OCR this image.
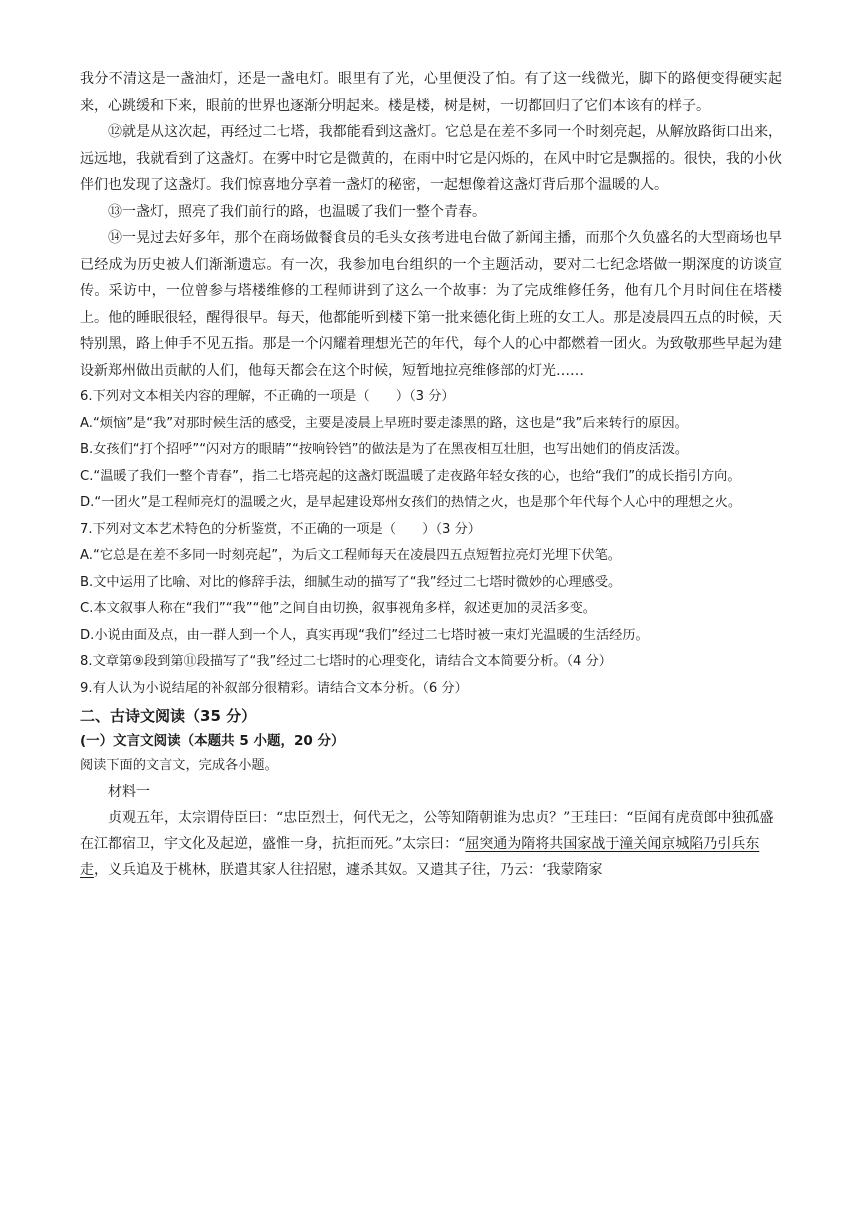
我分不清这是一盏油灯，还是一盏电灯。眼里有了光，心里便没了怕。有了这一线微光，脚下的路便变得硬实起来，心跳缓和下来，眼前的世界也逐渐分明起来。楼是楼，树是树，一切都回归了它们本该有的样子。

⑫就是从这次起，再经过二七塔，我都能看到这盏灯。它总是在差不多同一个时刻亮起，从解放路街口出来，远远地，我就看到了这盏灯。在雾中时它是微黄的，在雨中时它是闪烁的，在风中时它是飘摇的。很快，我的小伙伴们也发现了这盏灯。我们惊喜地分享着一盏灯的秘密，一起想像着这盏灯背后那个温暖的人。

⑬一盏灯，照亮了我们前行的路，也温暖了我们一整个青春。

⑭一晃过去好多年，那个在商场做餐食员的毛头女孩考进电台做了新闻主播，而那个久负盛名的大型商场也早已经成为历史被人们渐渐遗忘。有一次，我参加电台组织的一个主题活动，要对二七纪念塔做一期深度的访谈宣传。采访中，一位曾参与塔楼维修的工程师讲到了这么一个故事：为了完成维修任务，他有几个月时间住在塔楼上。他的睡眠很轻，醒得很早。每天，他都能听到楼下第一批来德化街上班的女工人。那是凌晨四五点的时候，天特别黑，路上伸手不见五指。那是一个闪耀着理想光芒的年代，每个人的心中都燃着一团火。为致敬那些早起为建设新郑州做出贡献的人们，他每天都会在这个时候，短暂地拉亮维修部的灯光……

6.下列对文本相关内容的理解，不正确的一项是（　　）（3 分）

A.“烦恼”是“我”对那时候生活的感受，主要是凌晨上早班时要走漆黑的路，这也是“我”后来转行的原因。

B.女孩们“打个招呼”“闪对方的眼睛”“按响铃铛”的做法是为了在黑夜相互壮胆，也写出她们的俏皮活泼。

C.“温暖了我们一整个青春”，指二七塔亮起的这盏灯既温暖了走夜路年轻女孩的心，也给“我们”的成长指引方向。

D.“一团火”是工程师亮灯的温暖之火，是早起建设郑州女孩们的热情之火，也是那个年代每个人心中的理想之火。

7.下列对文本艺术特色的分析鉴赏，不正确的一项是（　　）（3 分）

A.“它总是在差不多同一时刻亮起”，为后文工程师每天在凌晨四五点短暂拉亮灯光埋下伏笔。

B.文中运用了比喻、对比的修辞手法，细腻生动的描写了“我”经过二七塔时微妙的心理感受。

C.本文叙事人称在“我们”“我”“他”之间自由切换，叙事视角多样，叙述更加的灵活多变。

D.小说由面及点，由一群人到一个人，真实再现“我们”经过二七塔时被一束灯光温暖的生活经历。

8.文章第⑨段到第⑪段描写了“我”经过二七塔时的心理变化，请结合文本简要分析。（4 分）

9.有人认为小说结尾的补叙部分很精彩。请结合文本分析。（6 分）

二、古诗文阅读（35 分）
(一）文言文阅读（本题共 5 小题，20 分）

阅读下面的文言文，完成各小题。

材料一

贞观五年，太宗谓侍臣曰：“忠臣烈士，何代无之，公等知隋朝谁为忠贞？”王珪曰：“臣闻有虎贲郎中独孤盛在江都宿卫，宇文化及起逆，盛惟一身，抗拒而死。”太宗曰：“屈突通为隋将共国家战于潼关闻京城陷乃引兵东走，义兵追及于桃林，朕遣其家人往招慰，遽杀其奴。又遣其子往，乃云：‘我蒙隋家
